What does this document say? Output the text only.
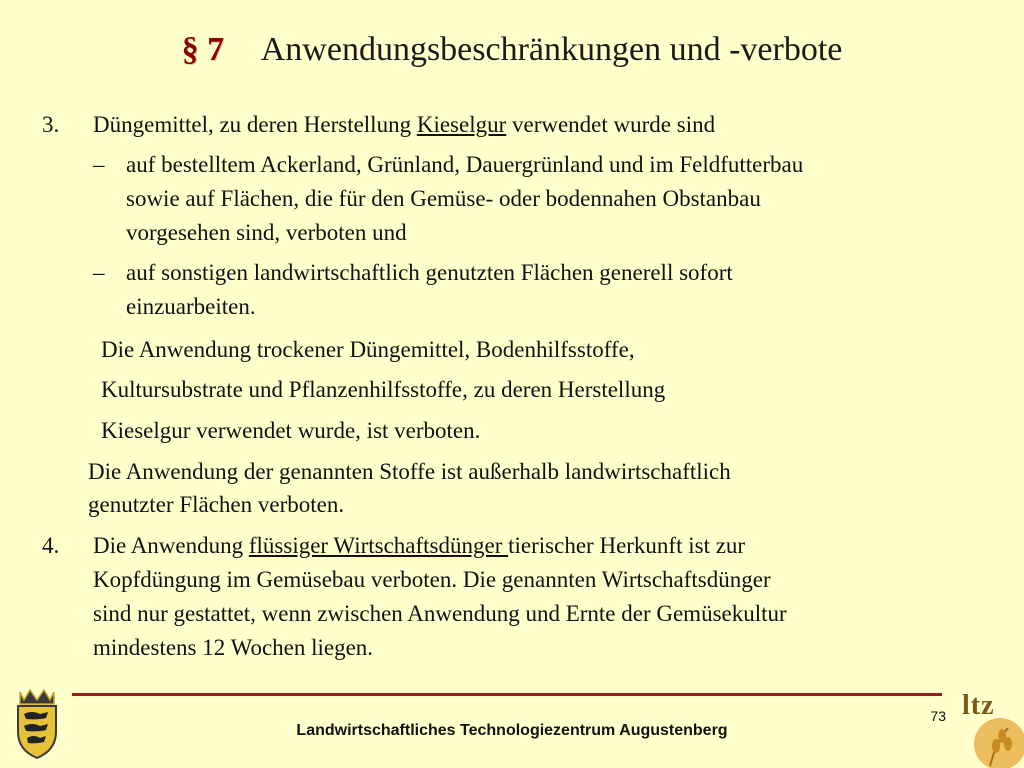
§ 7 Anwendungsbeschränkungen und -verbote
3. Düngemittel, zu deren Herstellung Kieselgur verwendet wurde sind
– auf bestelltem Ackerland, Grünland, Dauergrünland und im Feldfutterbau
sowie auf Flächen, die für den Gemüse- oder bodennahen Obstanbau
vorgesehen sind, verboten und
– auf sonstigen landwirtschaftlich genutzten Flächen generell sofort
einzuarbeiten.
Die Anwendung trockener Düngemittel, Bodenhilfsstoffe,
Kultursubstrate und Pflanzenhilfsstoffe, zu deren Herstellung
Kieselgur verwendet wurde, ist verboten.
Die Anwendung der genannten Stoffe ist außerhalb landwirtschaftlich
genutzter Flächen verboten.
4. Die Anwendung flüssiger Wirtschaftsdünger tierischer Herkunft ist zur
Kopfdüngung im Gemüsebau verboten. Die genannten Wirtschaftsdünger
sind nur gestattet, wenn zwischen Anwendung und Ernte der Gemüsekultur
mindestens 12 Wochen liegen.
Landwirtschaftliches Technologiezentrum Augustenberg
73 ltz
